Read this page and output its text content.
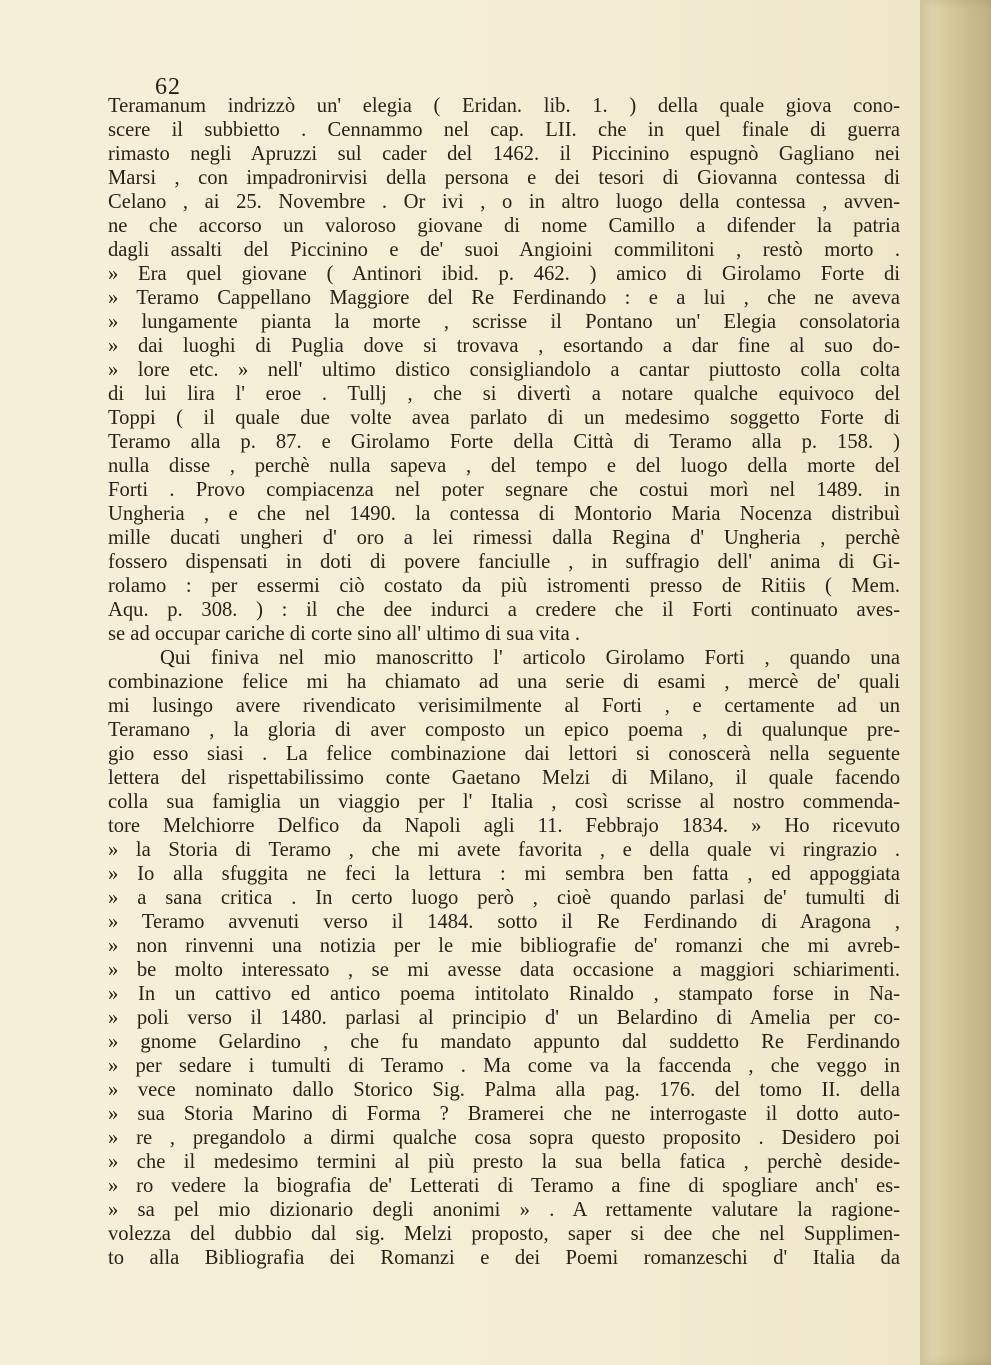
62
Teramanum indrizzò un' elegia ( Eridan. lib. 1. ) della quale giova cono-
scere il subbietto . Cennammo nel cap. LII. che in quel finale di guerra
rimasto negli Apruzzi sul cader del 1462. il Piccinino espugnò Gagliano nei
Marsi , con impadronirvisi della persona e dei tesori di Giovanna contessa di
Celano , ai 25. Novembre . Or ivi , o in altro luogo della contessa , avven-
ne che accorso un valoroso giovane di nome Camillo a difender la patria
dagli assalti del Piccinino e de' suoi Angioini commilitoni , restò morto .
» Era quel giovane ( Antinori ibid. p. 462. ) amico di Girolamo Forte di
» Teramo Cappellano Maggiore del Re Ferdinando : e a lui , che ne aveva
» lungamente pianta la morte , scrisse il Pontano un' Elegia consolatoria
» dai luoghi di Puglia dove si trovava , esortando a dar fine al suo do-
» lore etc. » nell' ultimo distico consigliandolo a cantar piuttosto colla colta
di lui lira l' eroe . Tullj , che si divertì a notare qualche equivoco del
Toppi ( il quale due volte avea parlato di un medesimo soggetto Forte di
Teramo alla p. 87. e Girolamo Forte della Città di Teramo alla p. 158. )
nulla disse , perchè nulla sapeva , del tempo e del luogo della morte del
Forti . Provo compiacenza nel poter segnare che costui morì nel 1489. in
Ungheria , e che nel 1490. la contessa di Montorio Maria Nocenza distribuì
mille ducati ungheri d' oro a lei rimessi dalla Regina d' Ungheria , perchè
fossero dispensati in doti di povere fanciulle , in suffragio dell' anima di Gi-
rolamo : per essermi ciò costato da più istromenti presso de Ritiis ( Mem.
Aqu. p. 308. ) : il che dee indurci a credere che il Forti continuato aves-
se ad occupar cariche di corte sino all' ultimo di sua vita .
Qui finiva nel mio manoscritto l' articolo Girolamo Forti , quando una
combinazione felice mi ha chiamato ad una serie di esami , mercè de' quali
mi lusingo avere rivendicato verisimilmente al Forti , e certamente ad un
Teramano , la gloria di aver composto un epico poema , di qualunque pre-
gio esso siasi . La felice combinazione dai lettori si conoscerà nella seguente
lettera del rispettabilissimo conte Gaetano Melzi di Milano, il quale facendo
colla sua famiglia un viaggio per l' Italia , così scrisse al nostro commenda-
tore Melchiorre Delfico da Napoli agli 11. Febbrajo 1834. » Ho ricevuto
» la Storia di Teramo , che mi avete favorita , e della quale vi ringrazio .
» Io alla sfuggita ne feci la lettura : mi sembra ben fatta , ed appoggiata
» a sana critica . In certo luogo però , cioè quando parlasi de' tumulti di
» Teramo avvenuti verso il 1484. sotto il Re Ferdinando di Aragona ,
» non rinvenni una notizia per le mie bibliografie de' romanzi che mi avreb-
» be molto interessato , se mi avesse data occasione a maggiori schiarimenti.
» In un cattivo ed antico poema intitolato Rinaldo , stampato forse in Na-
» poli verso il 1480. parlasi al principio d' un Belardino di Amelia per co-
» gnome Gelardino , che fu mandato appunto dal suddetto Re Ferdinando
» per sedare i tumulti di Teramo . Ma come va la faccenda , che veggo in
» vece nominato dallo Storico Sig. Palma alla pag. 176. del tomo II. della
» sua Storia Marino di Forma ? Bramerei che ne interrogaste il dotto auto-
» re , pregandolo a dirmi qualche cosa sopra questo proposito . Desidero poi
» che il medesimo termini al più presto la sua bella fatica , perchè deside-
» ro vedere la biografia de' Letterati di Teramo a fine di spogliare anch' es-
» sa pel mio dizionario degli anonimi » . A rettamente valutare la ragione-
volezza del dubbio dal sig. Melzi proposto, saper si dee che nel Supplimen-
to alla Bibliografia dei Romanzi e dei Poemi romanzeschi d' Italia da
